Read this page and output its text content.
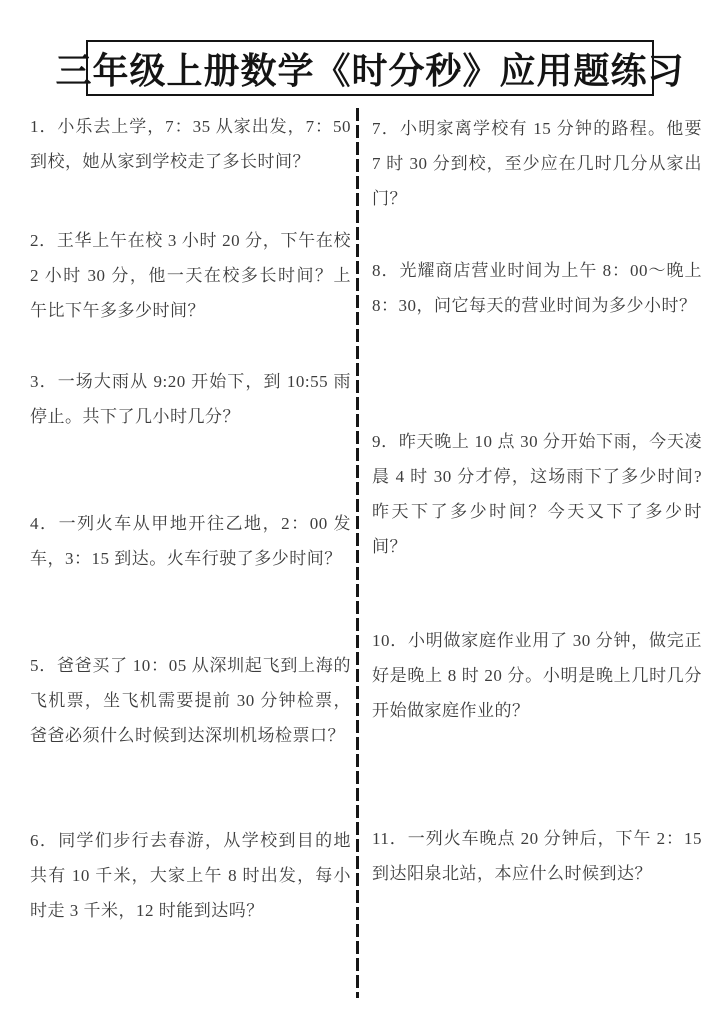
三年级上册数学《时分秒》应用题练习
1．小乐去上学，7：35 从家出发，7：50 到校，她从家到学校走了多长时间？
2．王华上午在校 3 小时 20 分，下午在校 2 小时 30 分，他一天在校多长时间？上午比下午多多少时间？
3．一场大雨从 9:20 开始下，到 10:55 雨停止。共下了几小时几分？
4．一列火车从甲地开往乙地，2：00 发车，3：15 到达。火车行驶了多少时间？
5．爸爸买了 10：05 从深圳起飞到上海的飞机票，坐飞机需要提前 30 分钟检票，爸爸必须什么时候到达深圳机场检票口？
6．同学们步行去春游，从学校到目的地共有 10 千米，大家上午 8 时出发，每小时走 3 千米，12 时能到达吗？
7．小明家离学校有 15 分钟的路程。他要 7 时 30 分到校，至少应在几时几分从家出门？
8．光耀商店营业时间为上午 8：00～晚上 8：30，问它每天的营业时间为多少小时？
9．昨天晚上 10 点 30 分开始下雨，今天凌晨 4 时 30 分才停，这场雨下了多少时间?昨天下了多少时间？今天又下了多少时间？
10．小明做家庭作业用了 30 分钟，做完正好是晚上 8 时 20 分。小明是晚上几时几分开始做家庭作业的？
11．一列火车晚点 20 分钟后，下午 2：15 到达阳泉北站，本应什么时候到达？
